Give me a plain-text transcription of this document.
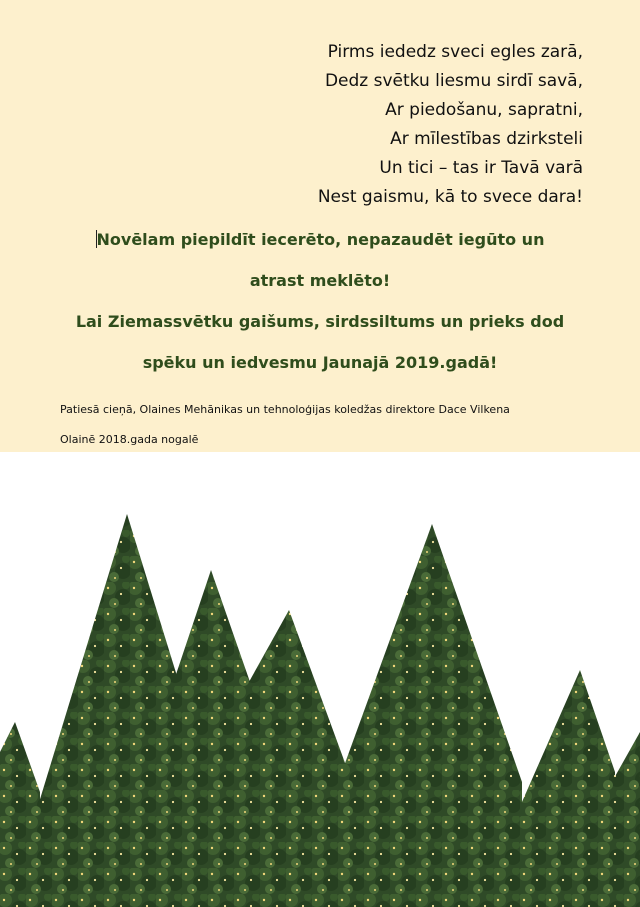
Pirms iededz sveci egles zarā,
Dedz svētku liesmu sirdī savā,
Ar piedošanu, sapratni,
Ar mīlestības dzirksteli
Un tici – tas ir Tavā varā
Nest gaismu, kā to svece dara!
Novēlam piepildīt iecerēto, nepazaudēt iegūto un
atrast meklēto!
Lai Ziemassvētku gaišums, sirdssiltums un prieks dod
spēku un iedvesmu Jaunajā 2019.gadā!
Patiesā cieņā, Olaines Mehānikas un tehnoloģijas koledžas direktore Dace Vilkena
Olainē 2018.gada nogalē
